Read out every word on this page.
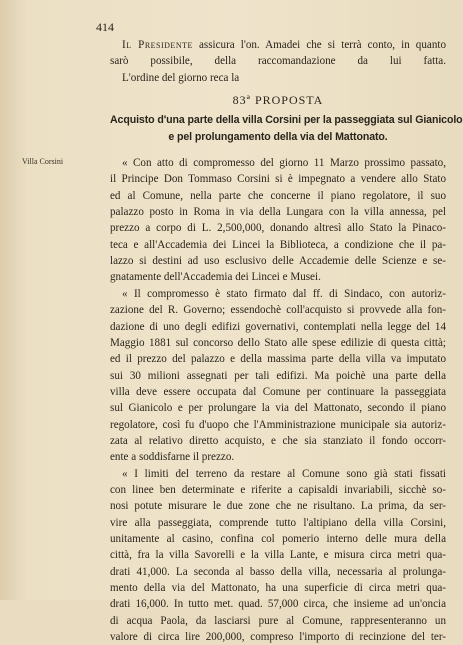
414
Villa Corsini
Il Presidente assicura l'on. Amadei che si terrà conto, in quanto
sarò possibile, della raccomandazione da lui fatta.
L'ordine del giorno reca la
83ª PROPOSTA
Acquisto d'una parte della villa Corsini per la passeggiata sul Gianicolo
e pel prolungamento della via del Mattonato.
« Con atto di compromesso del giorno 11 Marzo prossimo passato,
il Principe Don Tommaso Corsini si è impegnato a vendere allo Stato
ed al Comune, nella parte che concerne il piano regolatore, il suo
palazzo posto in Roma in via della Lungara con la villa annessa, pel
prezzo a corpo di L. 2,500,000, donando altresì allo Stato la Pinaco-
teca e all'Accademia dei Lincei la Biblioteca, a condizione che il pa-
lazzo si destini ad uso esclusivo delle Accademie delle Scienze e se-
gnatamente dell'Accademia dei Lincei e Musei.
« Il compromesso è stato firmato dal ff. di Sindaco, con autoriz-
zazione del R. Governo; essendochè coll'acquisto si provvede alla fon-
dazione di uno degli edifizi governativi, contemplati nella legge del 14
Maggio 1881 sul concorso dello Stato alle spese edilizie di questa città;
ed il prezzo del palazzo e della massima parte della villa va imputato
sui 30 milioni assegnati per tali edifizi. Ma poichè una parte della
villa deve essere occupata dal Comune per continuare la passeggiata
sul Gianicolo e per prolungare la via del Mattonato, secondo il piano
regolatore, così fu d'uopo che l'Amministrazione municipale sia autoriz-
zata al relativo diretto acquisto, e che sia stanziato il fondo occorr-
ente a soddisfarne il prezzo.
« I limiti del terreno da restare al Comune sono già stati fissati
con linee ben determinate e riferite a capisaldi invariabili, sicchè so-
nosi potute misurare le due zone che ne risultano. La prima, da ser-
vire alla passeggiata, comprende tutto l'altipiano della villa Corsini,
unitamente al casino, confina col pomerio interno delle mura della
città, fra la villa Savorelli e la villa Lante, e misura circa metri qua-
drati 41,000. La seconda al basso della villa, necessaria al prolunga-
mento della via del Mattonato, ha una superficie di circa metri qua-
drati 16,000. In tutto met. quad. 57,000 circa, che insieme ad un'oncia
di acqua Paola, da lasciarsi pure al Comune, rappresenteranno un
valore di circa lire 200,000, compreso l'importo di recinzione del ter-
